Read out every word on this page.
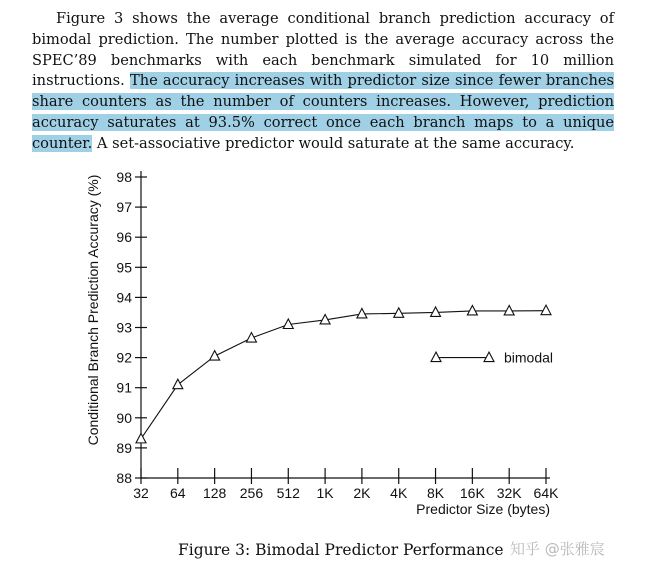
Figure 3 shows the average conditional branch prediction accuracy of bimodal prediction. The number plotted is the average accuracy across the SPEC’89 benchmarks with each benchmark simulated for 10 million instructions. The accuracy increases with predictor size since fewer branches share counters as the number of counters increases. However, prediction accuracy saturates at 93.5% correct once each branch maps to a unique counter. A set-associative predictor would saturate at the same accuracy.

88
89
90
91
92
93
94
95
96
97
98
32 64 128 256 512 1K 2K 4K 8K 16K 32K 64K
bimodal
Conditional Branch Prediction Accuracy (%)
Predictor Size (bytes)

Figure 3: Bimodal Predictor Performance 知乎 @张雅宸
